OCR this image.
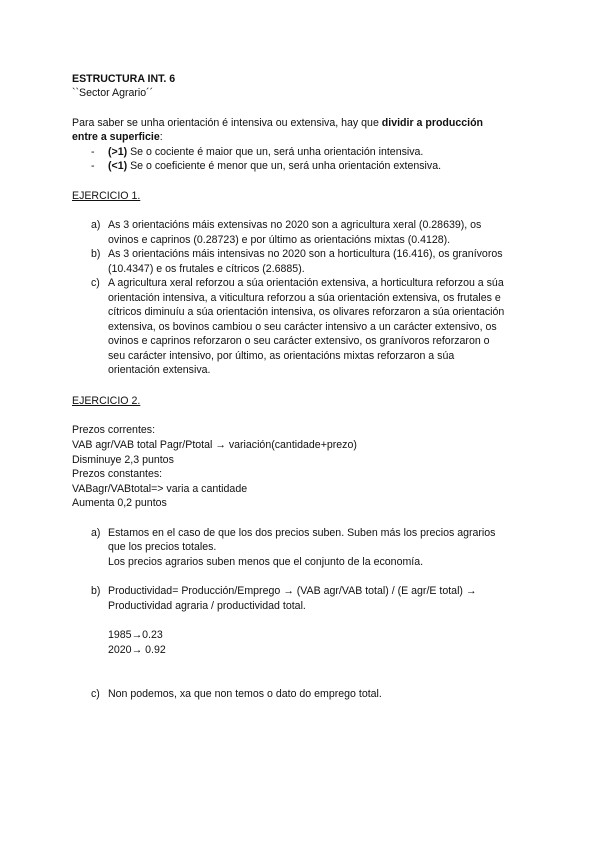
ESTRUCTURA INT. 6
``Sector Agrario´´
Para saber se unha orientación é intensiva ou extensiva, hay que dividir a producción
entre a superficie:
- (>1) Se o cociente é maior que un, será unha orientación intensiva.
- (<1) Se o coeficiente é menor que un, será unha orientación extensiva.
EJERCICIO 1.
a) As 3 orientacións máis extensivas no 2020 son a agricultura xeral (0.28639), os
ovinos e caprinos (0.28723) e por último as orientacións mixtas (0.4128).
b) As 3 orientacións máis intensivas no 2020 son a horticultura (16.416), os granívoros
(10.4347) e os frutales e cítricos (2.6885).
c) A agricultura xeral reforzou a súa orientación extensiva, a horticultura reforzou a súa
orientación intensiva, a viticultura reforzou a súa orientación extensiva, os frutales e
cítricos diminuíu a súa orientación intensiva, os olivares reforzaron a súa orientación
extensiva, os bovinos cambiou o seu carácter intensivo a un carácter extensivo, os
ovinos e caprinos reforzaron o seu carácter extensivo, os granívoros reforzaron o
seu carácter intensivo, por último, as orientacións mixtas reforzaron a súa
orientación extensiva.
EJERCICIO 2.
Prezos correntes:
VAB agr/VAB total Pagr/Ptotal → variación(cantidade+prezo)
Disminuye 2,3 puntos
Prezos constantes:
VABagr/VABtotal=> varia a cantidade
Aumenta 0,2 puntos
a) Estamos en el caso de que los dos precios suben. Suben más los precios agrarios
que los precios totales.
Los precios agrarios suben menos que el conjunto de la economía.
b) Productividad= Producción/Emprego → (VAB agr/VAB total) / (E agr/E total) →
Productividad agraria / productividad total.
1985→0.23
2020→ 0.92
c) Non podemos, xa que non temos o dato do emprego total.
